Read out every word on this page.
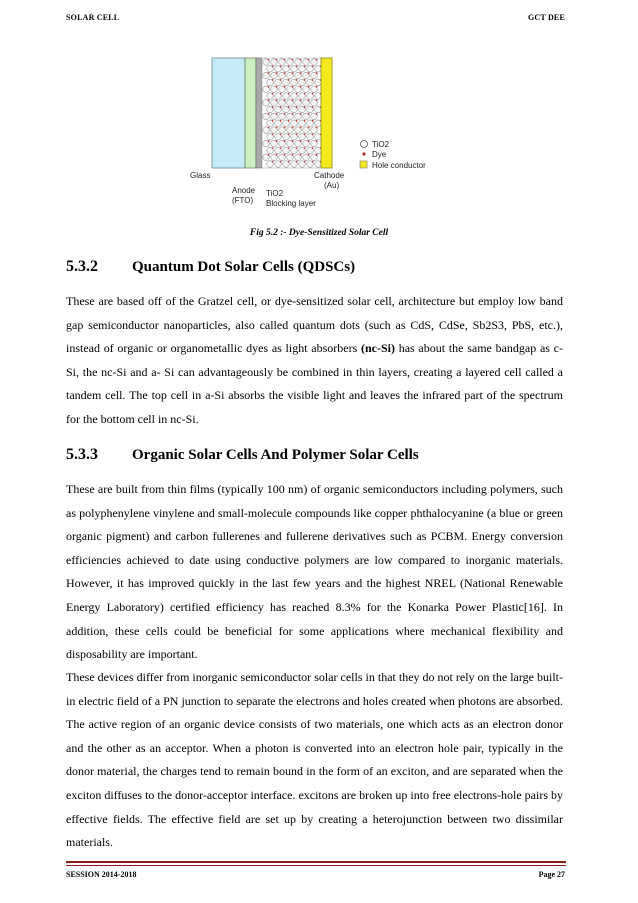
SOLAR CELL	GCT DEE
TiO2
Dye
Hole conductor
Glass
Anode
(FTO)
TiO2
Blocking layer
Cathode
(Au)
Fig 5.2 :- Dye-Sensitized Solar Cell
5.3.2 Quantum Dot Solar Cells (QDSCs)

These are based off of the Gratzel cell, or dye-sensitized solar cell, architecture but employ low band gap semiconductor nanoparticles, also called quantum dots (such as CdS, CdSe, Sb2S3, PbS, etc.), instead of organic or organometallic dyes as light absorbers (nc-Si) has about the same bandgap as c-Si, the nc-Si and a- Si can advantageously be combined in thin layers, creating a layered cell called a tandem cell. The top cell in a-Si absorbs the visible light and leaves the infrared part of the spectrum for the bottom cell in nc-Si.

5.3.3 Organic Solar Cells And Polymer Solar Cells

These are built from thin films (typically 100 nm) of organic semiconductors including polymers, such as polyphenylene vinylene and small-molecule compounds like copper phthalocyanine (a blue or green organic pigment) and carbon fullerenes and fullerene derivatives such as PCBM. Energy conversion efficiencies achieved to date using conductive polymers are low compared to inorganic materials. However, it has improved quickly in the last few years and the highest NREL (National Renewable Energy Laboratory) certified efficiency has reached 8.3% for the Konarka Power Plastic[16]. In addition, these cells could be beneficial for some applications where mechanical flexibility and disposability are important.

These devices differ from inorganic semiconductor solar cells in that they do not rely on the large built-in electric field of a PN junction to separate the electrons and holes created when photons are absorbed. The active region of an organic device consists of two materials, one which acts as an electron donor and the other as an acceptor. When a photon is converted into an electron hole pair, typically in the donor material, the charges tend to remain bound in the form of an exciton, and are separated when the exciton diffuses to the donor-acceptor interface. excitons are broken up into free electrons-hole pairs by effective fields. The effective field are set up by creating a heterojunction between two dissimilar materials.

SESSION 2014-2018	Page 27
